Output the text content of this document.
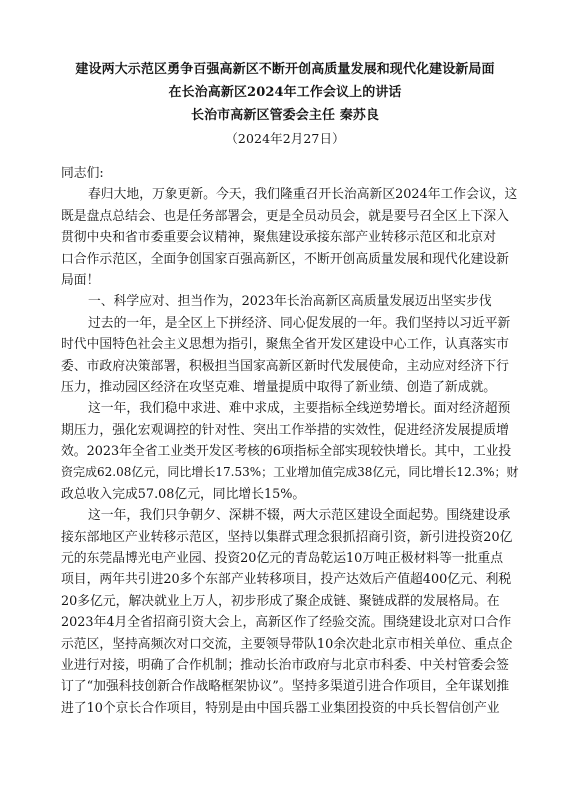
建设两大示范区勇争百强高新区不断开创高质量发展和现代化建设新局面
在长治高新区2024年工作会议上的讲话
长治市高新区管委会主任 秦苏良
（2024年2月27日）
同志们:
春归大地，万象更新。今天，我们隆重召开长治高新区2024年工作会议，这
既是盘点总结会、也是任务部署会，更是全员动员会，就是要号召全区上下深入
贯彻中央和省市委重要会议精神，聚焦建设承接东部产业转移示范区和北京对
口合作示范区，全面争创国家百强高新区，不断开创高质量发展和现代化建设新
局面！
一、科学应对、担当作为，2023年长治高新区高质量发展迈出坚实步伐
过去的一年，是全区上下拼经济、同心促发展的一年。我们坚持以习近平新
时代中国特色社会主义思想为指引，聚焦全省开发区建设中心工作，认真落实市
委、市政府决策部署，积极担当国家高新区新时代发展使命，主动应对经济下行
压力，推动园区经济在攻坚克难、增量提质中取得了新业绩、创造了新成就。
这一年，我们稳中求进、难中求成，主要指标全线逆势增长。面对经济超预
期压力，强化宏观调控的针对性、突出工作举措的实效性，促进经济发展提质增
效。2023年全省工业类开发区考核的6项指标全部实现较快增长。其中，工业投
资完成62.08亿元，同比增长17.53%；工业增加值完成38亿元，同比增长12.3%；财
政总收入完成57.08亿元，同比增长15%。
这一年，我们只争朝夕、深耕不辍，两大示范区建设全面起势。围绕建设承
接东部地区产业转移示范区，坚持以集群式理念狠抓招商引资，新引进投资20亿
元的东莞晶博光电产业园、投资20亿元的青岛乾运10万吨正极材料等一批重点
项目，两年共引进20多个东部产业转移项目，投产达效后产值超400亿元、利税
20多亿元，解决就业上万人，初步形成了聚企成链、聚链成群的发展格局。在
2023年4月全省招商引资大会上，高新区作了经验交流。围绕建设北京对口合作
示范区，坚持高频次对口交流，主要领导带队10余次赴北京市相关单位、重点企
业进行对接，明确了合作机制；推动长治市政府与北京市科委、中关村管委会签
订了“加强科技创新合作战略框架协议”。坚持多渠道引进合作项目，全年谋划推
进了10个京长合作项目，特别是由中国兵器工业集团投资的中兵长智信创产业
